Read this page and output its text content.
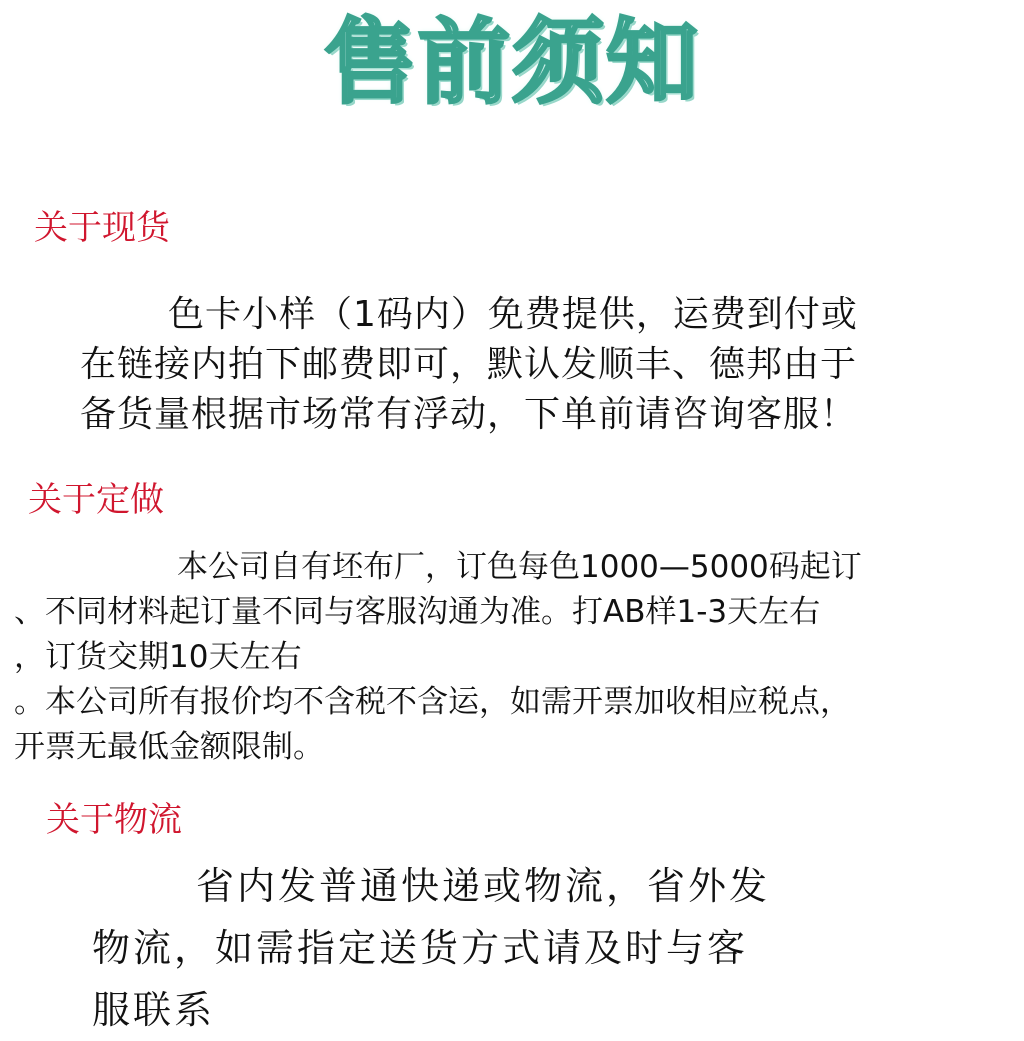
售前须知
关于现货
色卡小样（1码内）免费提供，运费到付或
在链接内拍下邮费即可，默认发顺丰、德邦由于
备货量根据市场常有浮动，下单前请咨询客服！
关于定做
本公司自有坯布厂，订色每色1000—5000码起订
、不同材料起订量不同与客服沟通为准。打AB样1-3天左右
，订货交期10天左右
。本公司所有报价均不含税不含运，如需开票加收相应税点，
开票无最低金额限制。
关于物流
省内发普通快递或物流，省外发
物流，如需指定送货方式请及时与客
服联系
